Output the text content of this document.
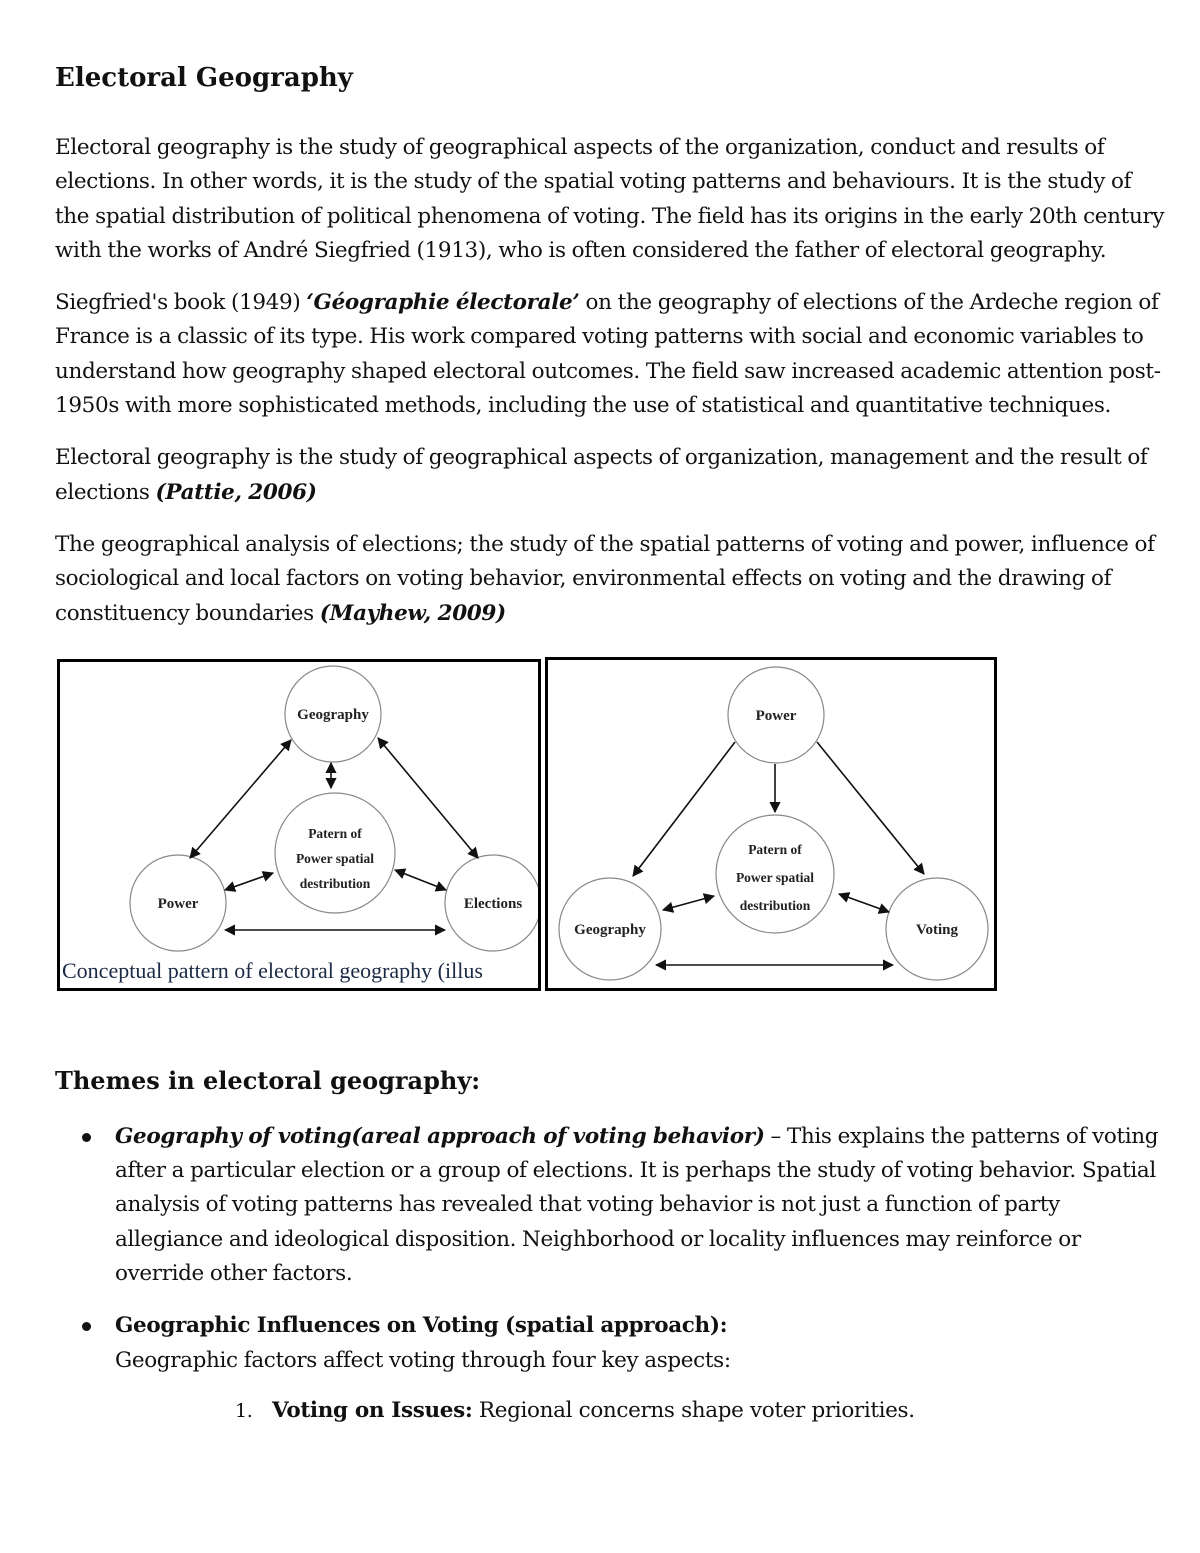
Electoral Geography

Electoral geography is the study of geographical aspects of the organization, conduct and results of elections. In other words, it is the study of the spatial voting patterns and behaviours. It is the study of the spatial distribution of political phenomena of voting. The field has its origins in the early 20th century with the works of André Siegfried (1913), who is often considered the father of electoral geography.

Siegfried's book (1949) ‘Géographie électorale’ on the geography of elections of the Ardeche region of France is a classic of its type. His work compared voting patterns with social and economic variables to understand how geography shaped electoral outcomes. The field saw increased academic attention post-1950s with more sophisticated methods, including the use of statistical and quantitative techniques.

Electoral geography is the study of geographical aspects of organization, management and the result of elections (Pattie, 2006)

The geographical analysis of elections; the study of the spatial patterns of voting and power, influence of sociological and local factors on voting behavior, environmental effects on voting and the drawing of constituency boundaries (Mayhew, 2009)

Geography
Power	Elections
Patern of
Power spatial
destribution
Conceptual pattern of electoral geography (illus
Power
Geography	Voting
Patern of
Power spatial
destribution
Themes in electoral geography:

Geography of voting(areal approach of voting behavior) – This explains the patterns of voting after a particular election or a group of elections. It is perhaps the study of voting behavior. Spatial analysis of voting patterns has revealed that voting behavior is not just a function of party allegiance and ideological disposition. Neighborhood or locality influences may reinforce or override other factors.

Geographic Influences on Voting (spatial approach):
Geographic factors affect voting through four key aspects:

1. Voting on Issues: Regional concerns shape voter priorities.
